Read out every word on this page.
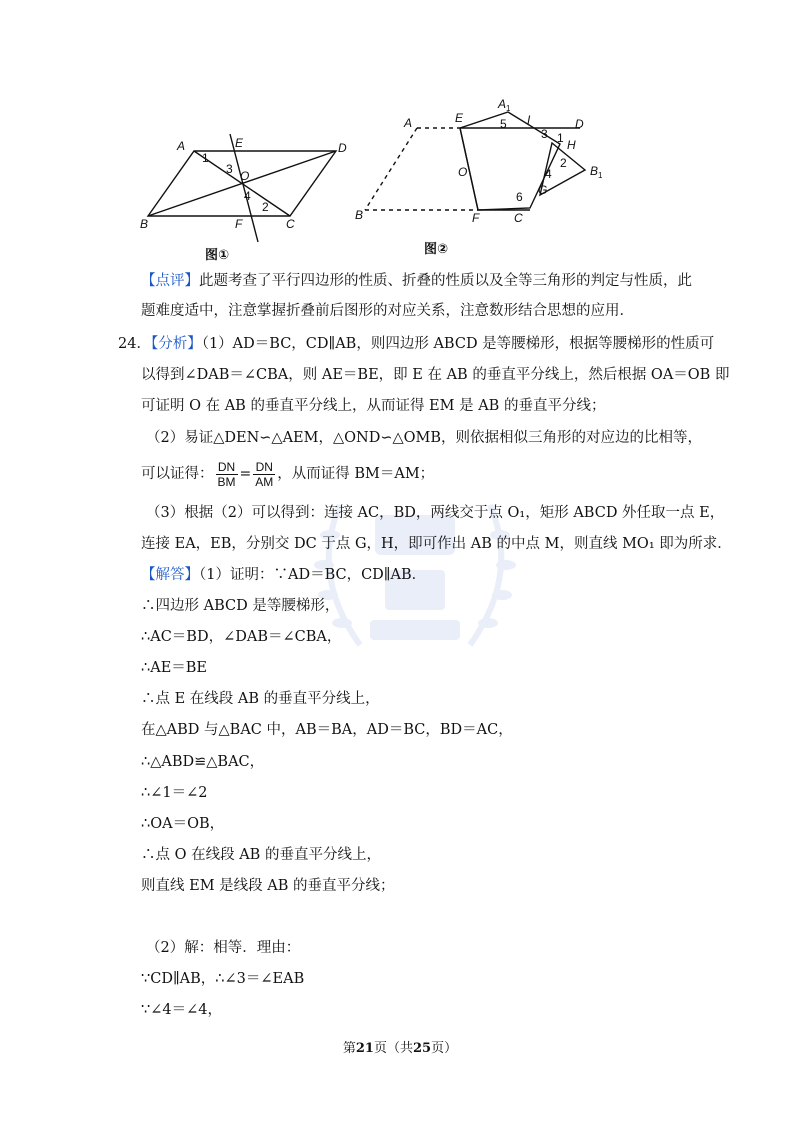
A	E	D
B	F	C
O
1
2
3
4
图①
A	E
$A_1$
I	D
H
$B_1$
O
G
B	F	C
5
3 1
2
4
6
图②
【点评】此题考查了平行四边形的性质、折叠的性质以及全等三角形的判定与性质，此
题难度适中，注意掌握折叠前后图形的对应关系，注意数形结合思想的应用．
24．【分析】（1）AD＝BC，CD∥AB，则四边形 ABCD 是等腰梯形，根据等腰梯形的性质可
以得到∠DAB＝∠CBA，则 AE＝BE，即 E 在 AB 的垂直平分线上，然后根据 OA＝OB 即
可证明 O 在 AB 的垂直平分线上，从而证得 EM 是 AB 的垂直平分线；
（2）易证△DEN∽△AEM，△OND∽△OMB，则依据相似三角形的对应边的比相等，
可以证得： $\frac{DN}{BM} = \frac{DN}{AM}$ ，从而证得 BM＝AM；
（3）根据（2）可以得到：连接 AC，BD，两线交于点 O₁，矩形 ABCD 外任取一点 E，
连接 EA，EB，分别交 DC 于点 G，H，即可作出 AB 的中点 M，则直线 MO₁ 即为所求．
【解答】（1）证明：∵AD＝BC，CD∥AB．
∴四边形 ABCD 是等腰梯形，
∴AC＝BD，∠DAB＝∠CBA，
∴AE＝BE
∴点 E 在线段 AB 的垂直平分线上，
在△ABD 与△BAC 中，AB＝BA，AD＝BC，BD＝AC，
∴△ABD≌△BAC，
∴∠1＝∠2
∴OA＝OB，
∴点 O 在线段 AB 的垂直平分线上，
则直线 EM 是线段 AB 的垂直平分线；
（2）解：相等．理由：
∵CD∥AB，∴∠3＝∠EAB
∵∠4＝∠4，
第21页（共25页）
